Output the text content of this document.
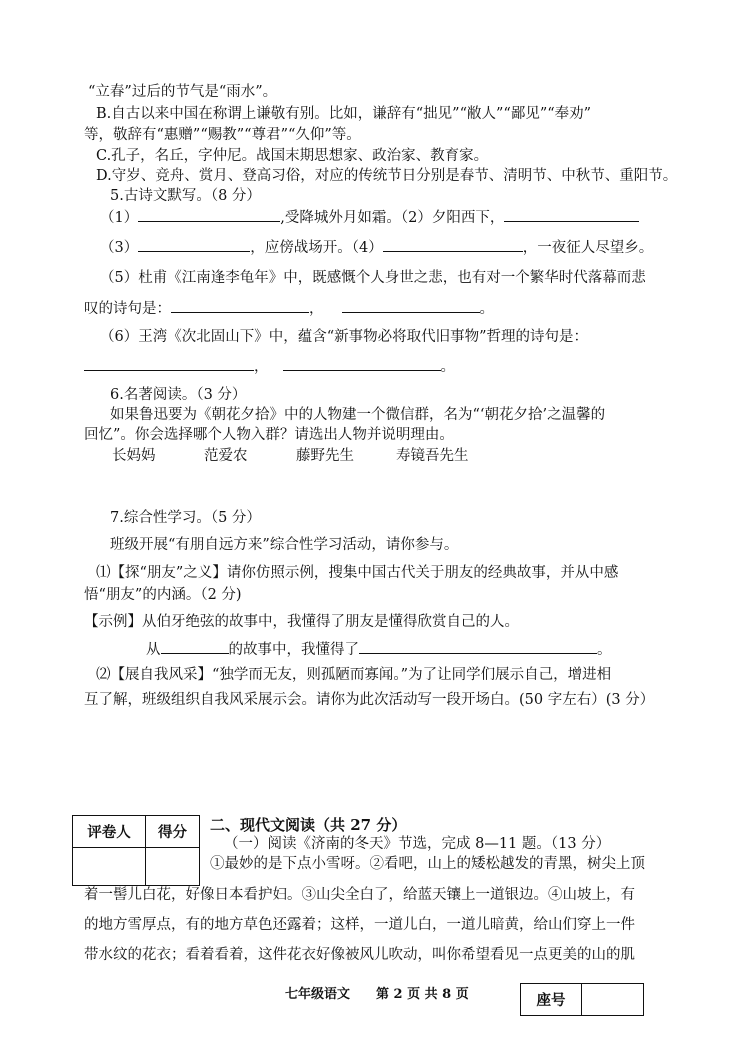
“立春”过后的节气是“雨水”。
B.自古以来中国在称谓上谦敬有别。比如，谦辞有“拙见”“敝人”“鄙见”“奉劝”
等，敬辞有“惠赠”“赐教”“尊君”“久仰”等。
C.孔子，名丘，字仲尼。战国末期思想家、政治家、教育家。
D.守岁、竞舟、赏月、登高习俗，对应的传统节日分别是春节、清明节、中秋节、重阳节。
5.古诗文默写。（8 分）
（1）	,受降城外月如霜。（2）夕阳西下，
（3）	，应傍战场开。（4）	，一夜征人尽望乡。
（5）杜甫《江南逢李龟年》中，既感慨个人身世之悲，也有对一个繁华时代落幕而悲
叹的诗句是：	，	。
（6）王湾《次北固山下》中，蕴含“新事物必将取代旧事物”哲理的诗句是：
，	。
6.名著阅读。（3 分）
如果鲁迅要为《朝花夕拾》中的人物建一个微信群，名为“‘朝花夕拾’之温馨的
回忆”。你会选择哪个人物入群？请选出人物并说明理由。
长妈妈	范爱农	藤野先生	寿镜吾先生
7.综合性学习。（5 分）
班级开展“有朋自远方来”综合性学习活动，请你参与。
⑴【探“朋友”之义】请你仿照示例，搜集中国古代关于朋友的经典故事，并从中感
悟“朋友”的内涵。（2 分)
【示例】从伯牙绝弦的故事中，我懂得了朋友是懂得欣赏自己的人。
从	的故事中，我懂得了	。
⑵【展自我风采】“独学而无友，则孤陋而寡闻。”为了让同学们展示自己，增进相
互了解，班级组织自我风采展示会。请你为此次活动写一段开场白。(50 字左右）(3 分）
评卷人	得分
	二、现代文阅读（共 27 分）
（一）阅读《济南的冬天》节选，完成 8—11 题。（13 分）
①最妙的是下点小雪呀。②看吧，山上的矮松越发的青黑，树尖上顶
着一髻儿白花，好像日本看护妇。③山尖全白了，给蓝天镶上一道银边。④山坡上，有
的地方雪厚点，有的地方草色还露着；这样，一道儿白，一道儿暗黄，给山们穿上一件
带水纹的花衣；看着看着，这件花衣好像被风儿吹动，叫你希望看见一点更美的山的肌
七年级语文　　第 2 页 共 8 页	座号	
